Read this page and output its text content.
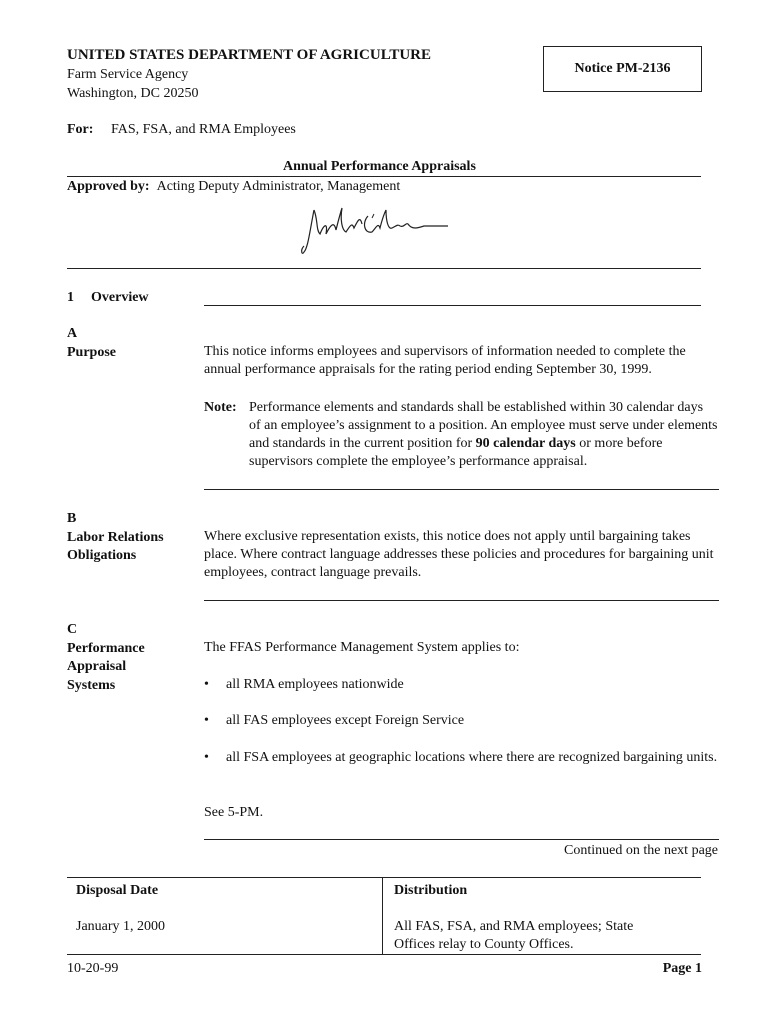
UNITED STATES DEPARTMENT OF AGRICULTURE
Farm Service Agency
Washington, DC 20250
Notice PM-2136
For: FAS, FSA, and RMA Employees
Annual Performance Appraisals
Approved by: Acting Deputy Administrator, Management
1 Overview
A
Purpose	This notice informs employees and supervisors of information needed to complete the annual performance appraisals for the rating period ending September 30, 1999.
Note: Performance elements and standards shall be established within 30 calendar days of an employee’s assignment to a position. An employee must serve under elements and standards in the current position for 90 calendar days or more before supervisors complete the employee’s performance appraisal.
B
Labor Relations
Obligations
Where exclusive representation exists, this notice does not apply until bargaining takes place. Where contract language addresses these policies and procedures for bargaining unit employees, contract language prevails.
C
Performance
Appraisal
Systems
The FFAS Performance Management System applies to:
• all RMA employees nationwide
• all FAS employees except Foreign Service
• all FSA employees at geographic locations where there are recognized bargaining units.
See 5-PM.
Continued on the next page
Disposal Date
January 1, 2000
Distribution
All FAS, FSA, and RMA employees; State Offices relay to County Offices.
10-20-99	Page 1
